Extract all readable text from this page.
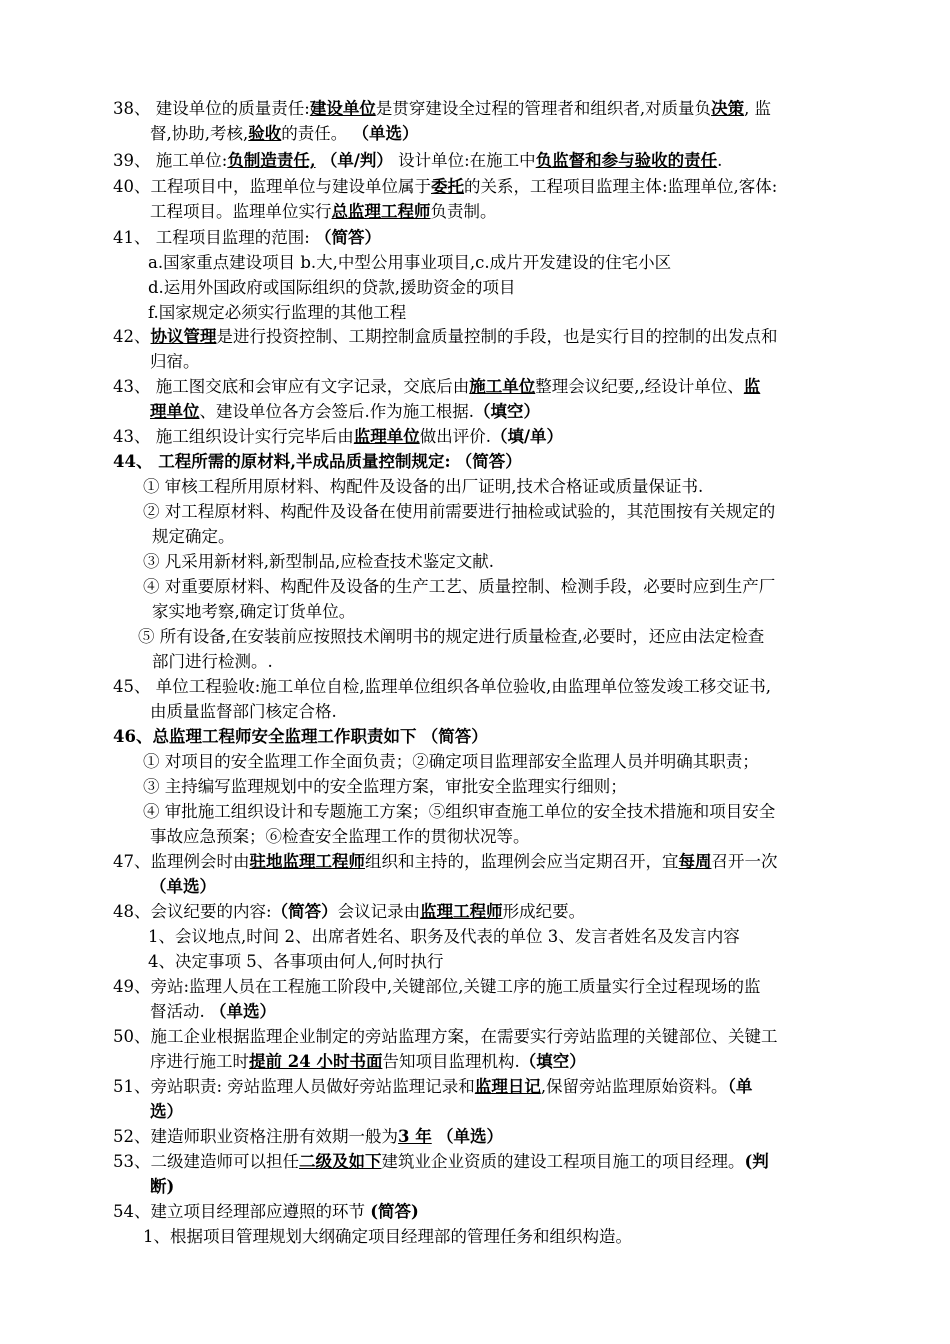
38、 建设单位的质量责任:建设单位是贯穿建设全过程的管理者和组织者,对质量负决策, 监
督,协助,考核,验收的责任。 （单选）
39、 施工单位:负制造责任, （单/判） 设计单位:在施工中负监督和参与验收的责任.
40、工程项目中，监理单位与建设单位属于委托的关系，工程项目监理主体:监理单位,客体:
工程项目。监理单位实行总监理工程师负责制。
41、 工程项目监理的范围: （简答）
a.国家重点建设项目 b.大,中型公用事业项目,c.成片开发建设的住宅小区
d.运用外国政府或国际组织的贷款,援助资金的项目
f.国家规定必须实行监理的其他工程
42、协议管理是进行投资控制、工期控制盒质量控制的手段，也是实行目的控制的出发点和
归宿。
43、 施工图交底和会审应有文字记录，交底后由施工单位整理会议纪要,,经设计单位、监
理单位、建设单位各方会签后.作为施工根据.（填空）
43、 施工组织设计实行完毕后由监理单位做出评价.（填/单）
44、 工程所需的原材料,半成品质量控制规定: （简答）
① 审核工程所用原材料、构配件及设备的出厂证明,技术合格证或质量保证书.
② 对工程原材料、构配件及设备在使用前需要进行抽检或试验的，其范围按有关规定的
规定确定。
③ 凡采用新材料,新型制品,应检查技术鉴定文献.
④ 对重要原材料、构配件及设备的生产工艺、质量控制、检测手段，必要时应到生产厂
家实地考察,确定订货单位。
⑤ 所有设备,在安装前应按照技术阐明书的规定进行质量检查,必要时，还应由法定检查
部门进行检测。.
45、 单位工程验收:施工单位自检,监理单位组织各单位验收,由监理单位签发竣工移交证书,
由质量监督部门核定合格.
46、总监理工程师安全监理工作职责如下 （简答）
① 对项目的安全监理工作全面负责；②确定项目监理部安全监理人员并明确其职责；
③ 主持编写监理规划中的安全监理方案，审批安全监理实行细则；
④ 审批施工组织设计和专题施工方案；⑤组织审查施工单位的安全技术措施和项目安全
事故应急预案；⑥检查安全监理工作的贯彻状况等。
47、监理例会时由驻地监理工程师组织和主持的，监理例会应当定期召开，宜每周召开一次
（单选）
48、会议纪要的内容:（简答）会议记录由监理工程师形成纪要。
1、会议地点,时间 2、出席者姓名、职务及代表的单位 3、发言者姓名及发言内容
4、决定事项 5、各事项由何人,何时执行
49、旁站:监理人员在工程施工阶段中,关键部位,关键工序的施工质量实行全过程现场的监
督活动. （单选）
50、施工企业根据监理企业制定的旁站监理方案，在需要实行旁站监理的关键部位、关键工
序进行施工时提前 24 小时书面告知项目监理机构.（填空）
51、旁站职责: 旁站监理人员做好旁站监理记录和监理日记,保留旁站监理原始资料。（单
选）
52、建造师职业资格注册有效期一般为3 年 （单选）
53、二级建造师可以担任二级及如下建筑业企业资质的建设工程项目施工的项目经理。(判
断)
54、建立项目经理部应遵照的环节 (简答)
1、根据项目管理规划大纲确定项目经理部的管理任务和组织构造。
